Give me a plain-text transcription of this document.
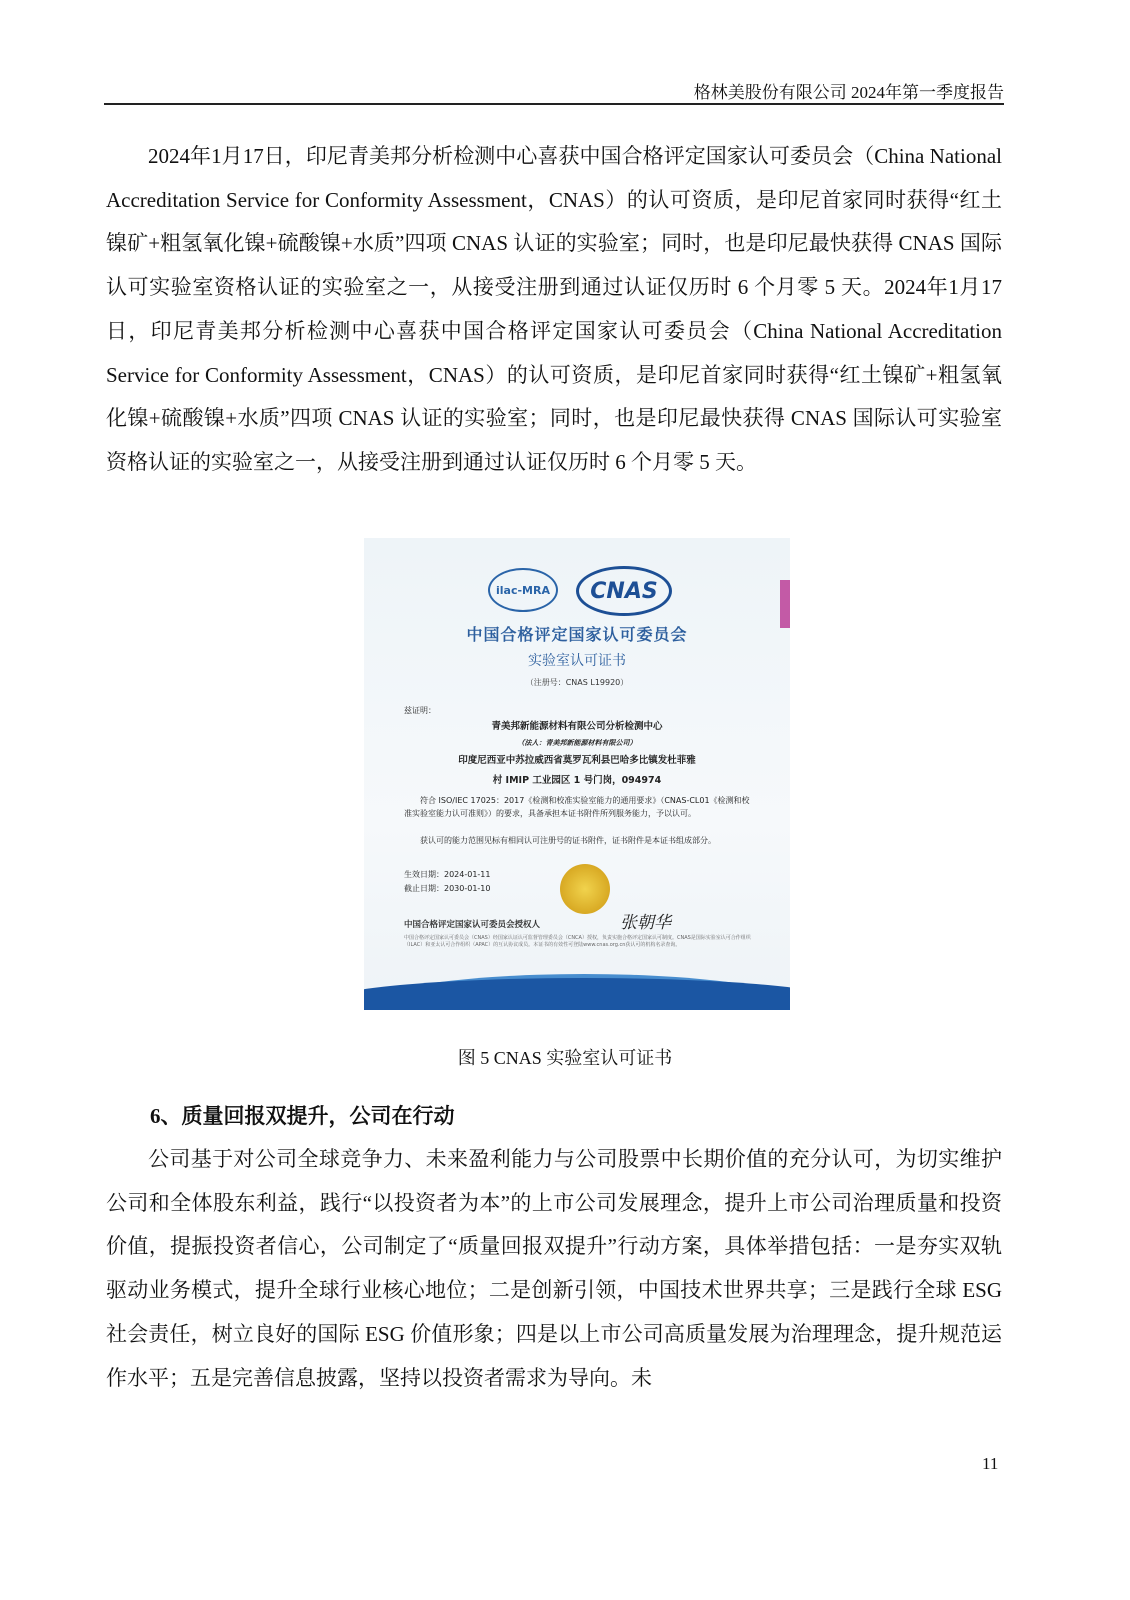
格林美股份有限公司 2024年第一季度报告

2024年1月17日，印尼青美邦分析检测中心喜获中国合格评定国家认可委员会（China National Accreditation Service for Conformity Assessment，CNAS）的认可资质，是印尼首家同时获得“红土镍矿+粗氢氧化镍+硫酸镍+水质”四项 CNAS 认证的实验室；同时，也是印尼最快获得 CNAS 国际认可实验室资格认证的实验室之一，从接受注册到通过认证仅历时 6 个月零 5 天。2024年1月17日，印尼青美邦分析检测中心喜获中国合格评定国家认可委员会（China National Accreditation Service for Conformity Assessment，CNAS）的认可资质，是印尼首家同时获得“红土镍矿+粗氢氧化镍+硫酸镍+水质”四项 CNAS 认证的实验室；同时，也是印尼最快获得 CNAS 国际认可实验室资格认证的实验室之一，从接受注册到通过认证仅历时 6 个月零 5 天。

ilac-MRA	CNAS
中国合格评定国家认可委员会
实验室认可证书
（注册号：CNAS L19920）
兹证明：
青美邦新能源材料有限公司分析检测中心
（法人：青美邦新能源材料有限公司）
印度尼西亚中苏拉威西省莫罗瓦利县巴哈多比镇发杜菲雅
村 IMIP 工业园区 1 号门岗，094974
符合 ISO/IEC 17025：2017《检测和校准实验室能力的通用要求》（CNAS-CL01《检测和校准实验室能力认可准则》）的要求，具备承担本证书附件所列服务能力，予以认可。
获认可的能力范围见标有相同认可注册号的证书附件，证书附件是本证书组成部分。
生效日期：2024-01-11
截止日期：2030-01-10
中国合格评定国家认可委员会授权人	张朝华
中国合格评定国家认可委员会（CNAS）经国家认证认可监督管理委员会（CNCA）授权，负责实施合格评定国家认可制度。CNAS是国际实验室认可合作组织（ILAC）和亚太认可合作组织（APAC）的互认协议成员。本证书的有效性可登陆www.cnas.org.cn获认可的机构名录查询。
图 5 CNAS 实验室认可证书
6、质量回报双提升，公司在行动

公司基于对公司全球竞争力、未来盈利能力与公司股票中长期价值的充分认可，为切实维护公司和全体股东利益，践行“以投资者为本”的上市公司发展理念，提升上市公司治理质量和投资价值，提振投资者信心，公司制定了“质量回报双提升”行动方案，具体举措包括：一是夯实双轨驱动业务模式，提升全球行业核心地位；二是创新引领，中国技术世界共享；三是践行全球 ESG 社会责任，树立良好的国际 ESG 价值形象；四是以上市公司高质量发展为治理理念，提升规范运作水平；五是完善信息披露，坚持以投资者需求为导向。未

11
